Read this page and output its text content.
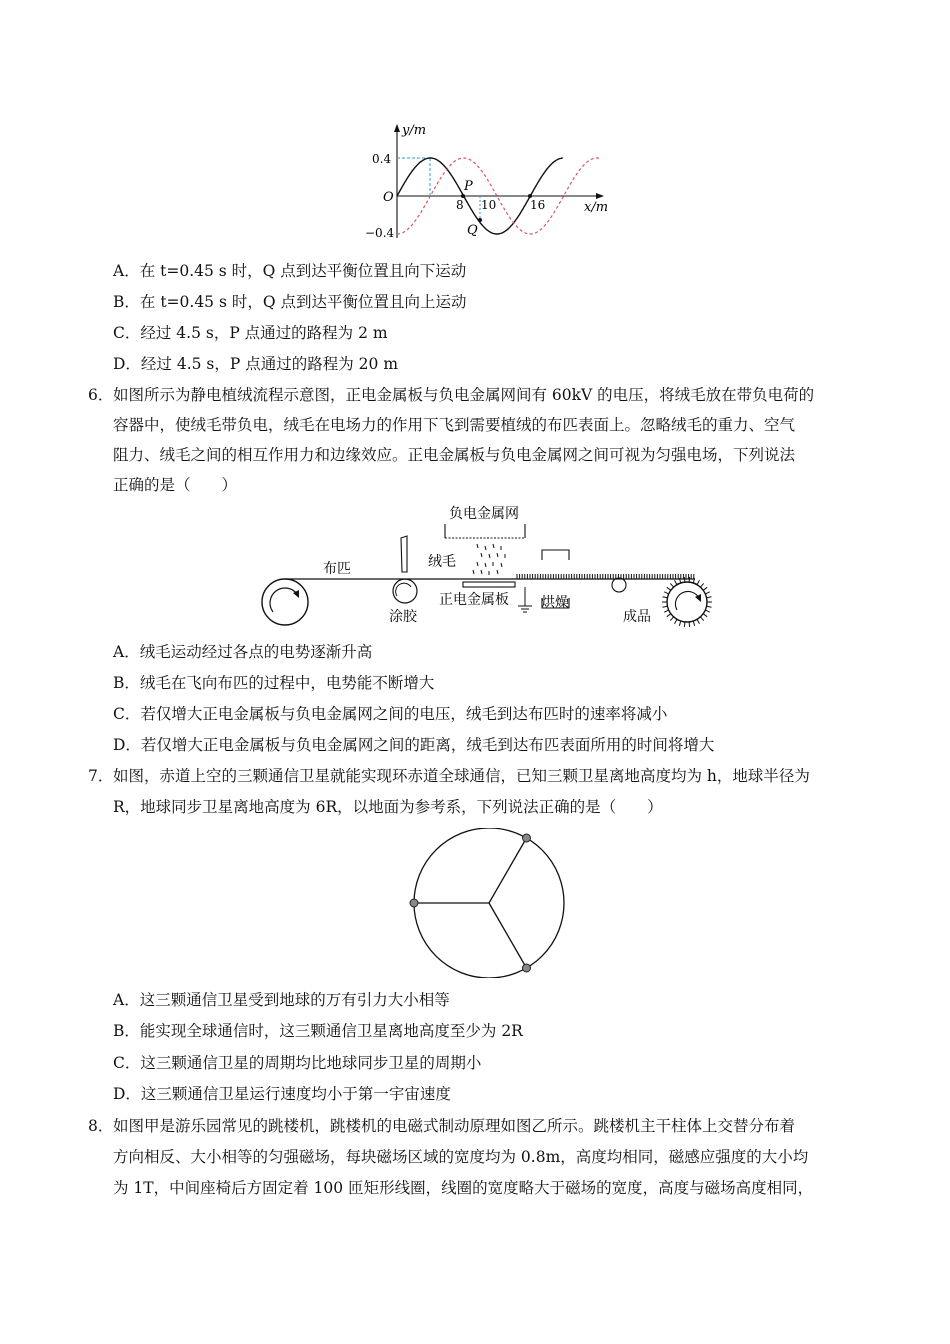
y/m
x/m
0.4
−0.4
O	8 10	16
P
Q
A．在 t=0.45 s 时，Q 点到达平衡位置且向下运动
B．在 t=0.45 s 时，Q 点到达平衡位置且向上运动
C．经过 4.5 s，P 点通过的路程为 2 m
D．经过 4.5 s，P 点通过的路程为 20 m
6． 如图所示为静电植绒流程示意图，正电金属板与负电金属网间有 60kV 的电压，将绒毛放在带负电荷的
容器中，使绒毛带负电，绒毛在电场力的作用下飞到需要植绒的布匹表面上。忽略绒毛的重力、空气
阻力、绒毛之间的相互作用力和边缘效应。正电金属板与负电金属网之间可视为匀强电场，下列说法
正确的是（　　）
负电金属网
绒毛
布匹
涂胶
正电金属板 烘燥
成品
A．绒毛运动经过各点的电势逐渐升高
B．绒毛在飞向布匹的过程中，电势能不断增大
C．若仅增大正电金属板与负电金属网之间的电压，绒毛到达布匹时的速率将减小
D．若仅增大正电金属板与负电金属网之间的距离，绒毛到达布匹表面所用的时间将增大
7． 如图，赤道上空的三颗通信卫星就能实现环赤道全球通信，已知三颗卫星离地高度均为 h，地球半径为
R，地球同步卫星离地高度为 6R，以地面为参考系，下列说法正确的是（　　）
A．这三颗通信卫星受到地球的万有引力大小相等
B．能实现全球通信时，这三颗通信卫星离地高度至少为 2R
C．这三颗通信卫星的周期均比地球同步卫星的周期小
D．这三颗通信卫星运行速度均小于第一宇宙速度
8． 如图甲是游乐园常见的跳楼机，跳楼机的电磁式制动原理如图乙所示。跳楼机主干柱体上交替分布着
方向相反、大小相等的匀强磁场，每块磁场区域的宽度均为 0.8m，高度均相同，磁感应强度的大小均
为 1T，中间座椅后方固定着 100 匝矩形线圈，线圈的宽度略大于磁场的宽度，高度与磁场高度相同，
